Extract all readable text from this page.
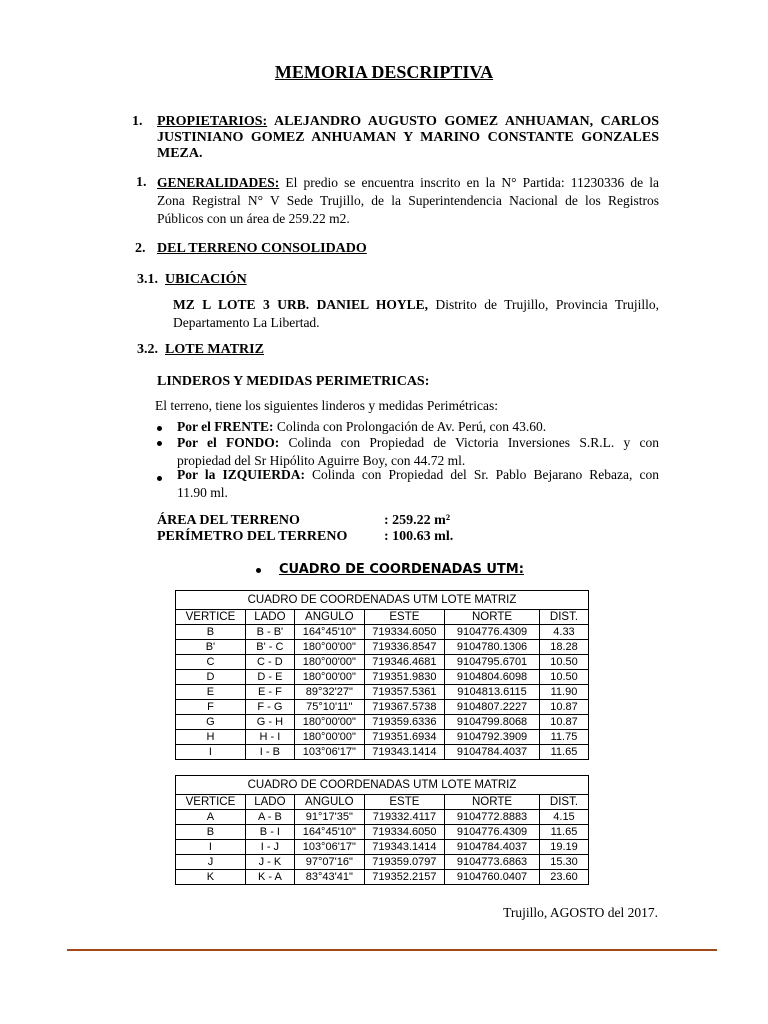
MEMORIA DESCRIPTIVA
1. PROPIETARIOS: ALEJANDRO AUGUSTO GOMEZ ANHUAMAN, CARLOS
JUSTINIANO GOMEZ ANHUAMAN Y MARINO CONSTANTE GONZALES
MEZA.
1. GENERALIDADES: El predio se encuentra inscrito en la N° Partida: 11230336 de la
Zona Registral N° V Sede Trujillo, de la Superintendencia Nacional de los Registros
Públicos con un área de 259.22 m2.
2. DEL TERRENO CONSOLIDADO
3.1. UBICACIÓN
MZ L LOTE 3 URB. DANIEL HOYLE, Distrito de Trujillo, Provincia Trujillo,
Departamento La Libertad.
3.2. LOTE MATRIZ
LINDEROS Y MEDIDAS PERIMETRICAS:
El terreno, tiene los siguientes linderos y medidas Perimétricas:
Por el FRENTE: Colinda con Prolongación de Av. Perú, con 43.60.
Por el FONDO: Colinda con Propiedad de Victoria Inversiones S.R.L. y con
propiedad del Sr Hipólito Aguirre Boy, con 44.72 ml.
Por la IZQUIERDA: Colinda con Propiedad del Sr. Pablo Bejarano Rebaza, con
11.90 ml.
ÁREA DEL TERRENO	: 259.22 m²
PERÍMETRO DEL TERRENO	: 100.63 ml.
CUADRO DE COORDENADAS UTM:
CUADRO DE COORDENADAS UTM LOTE MATRIZ					
VERTICE	LADO	ANGULO	ESTE	NORTE	DIST.
B	B - B'	164°45'10"	719334.6050	9104776.4309	4.33
B'	B' - C	180°00'00"	719336.8547	9104780.1306	18.28
C	C - D	180°00'00"	719346.4681	9104795.6701	10.50
D	D - E	180°00'00"	719351.9830	9104804.6098	10.50
E	E - F	89°32'27"	719357.5361	9104813.6115	11.90
F	F - G	75°10'11"	719367.5738	9104807.2227	10.87
G	G - H	180°00'00"	719359.6336	9104799.8068	10.87
H	H - I	180°00'00"	719351.6934	9104792.3909	11.75
I	I - B	103°06'17"	719343.1414	9104784.4037	11.65
CUADRO DE COORDENADAS UTM LOTE MATRIZ					
VERTICE	LADO	ANGULO	ESTE	NORTE	DIST.
A	A - B	91°17'35"	719332.4117	9104772.8883	4.15
B	B - I	164°45'10"	719334.6050	9104776.4309	11.65
I	I - J	103°06'17"	719343.1414	9104784.4037	19.19
J	J - K	97°07'16"	719359.0797	9104773.6863	15.30
K	K - A	83°43'41"	719352.2157	9104760.0407	23.60
Trujillo, AGOSTO del 2017.
